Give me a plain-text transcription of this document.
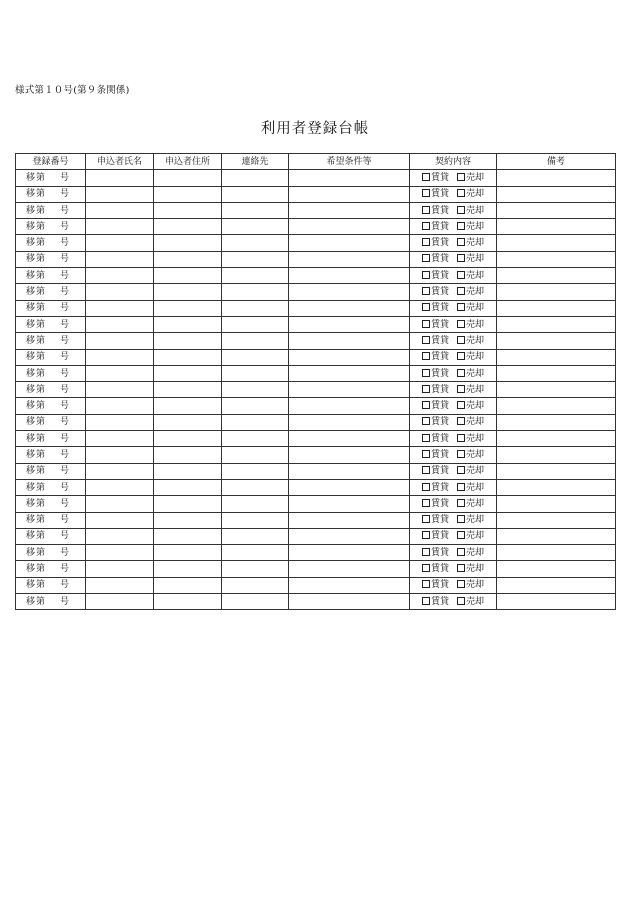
様式第１０号(第９条関係)
利用者登録台帳
登録番号	申込者氏名	申込者住所	連絡先	希望条件等	契約内容	備考
移第 号					賃貸 売却	
移第 号					賃貸 売却	
移第 号					賃貸 売却	
移第 号					賃貸 売却	
移第 号					賃貸 売却	
移第 号					賃貸 売却	
移第 号					賃貸 売却	
移第 号					賃貸 売却	
移第 号					賃貸 売却	
移第 号					賃貸 売却	
移第 号					賃貸 売却	
移第 号					賃貸 売却	
移第 号					賃貸 売却	
移第 号					賃貸 売却	
移第 号					賃貸 売却	
移第 号					賃貸 売却	
移第 号					賃貸 売却	
移第 号					賃貸 売却	
移第 号					賃貸 売却	
移第 号					賃貸 売却	
移第 号					賃貸 売却	
移第 号					賃貸 売却	
移第 号					賃貸 売却	
移第 号					賃貸 売却	
移第 号					賃貸 売却	
移第 号					賃貸 売却	
移第 号					賃貸 売却	
